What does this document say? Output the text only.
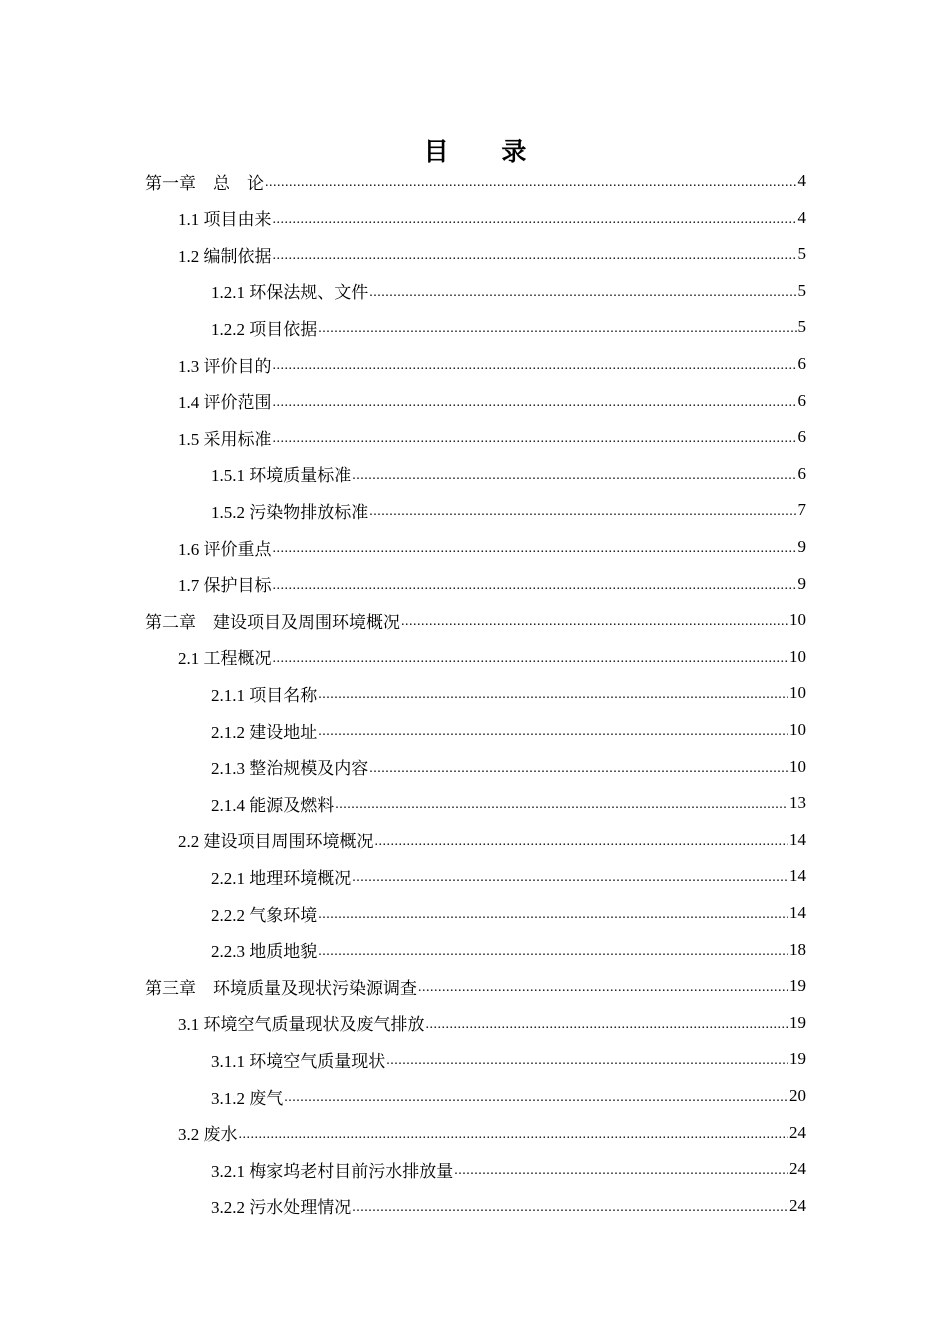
目 录
第一章    总    论 .....	4
1.1 项目由来 .....	4
1.2 编制依据 .....	5
1.2.1 环保法规、文件 .....	5
1.2.2 项目依据 .....	5
1.3 评价目的 .....	6
1.4 评价范围 .....	6
1.5 采用标准 .....	6
1.5.1 环境质量标准 .....	6
1.5.2 污染物排放标准 .....	7
1.6 评价重点 .....	9
1.7 保护目标 .....	9
第二章    建设项目及周围环境概况 .....	10
2.1 工程概况 .....	10
2.1.1 项目名称 .....	10
2.1.2 建设地址 .....	10
2.1.3 整治规模及内容 .....	10
2.1.4 能源及燃料 .....	13
2.2 建设项目周围环境概况 .....	14
2.2.1 地理环境概况 .....	14
2.2.2 气象环境 .....	14
2.2.3 地质地貌 .....	18
第三章    环境质量及现状污染源调查 .....	19
3.1 环境空气质量现状及废气排放 .....	19
3.1.1 环境空气质量现状 .....	19
3.1.2 废气 .....	20
3.2 废水 .....	24
3.2.1 梅家坞老村目前污水排放量 .....	24
3.2.2 污水处理情况 .....	24
